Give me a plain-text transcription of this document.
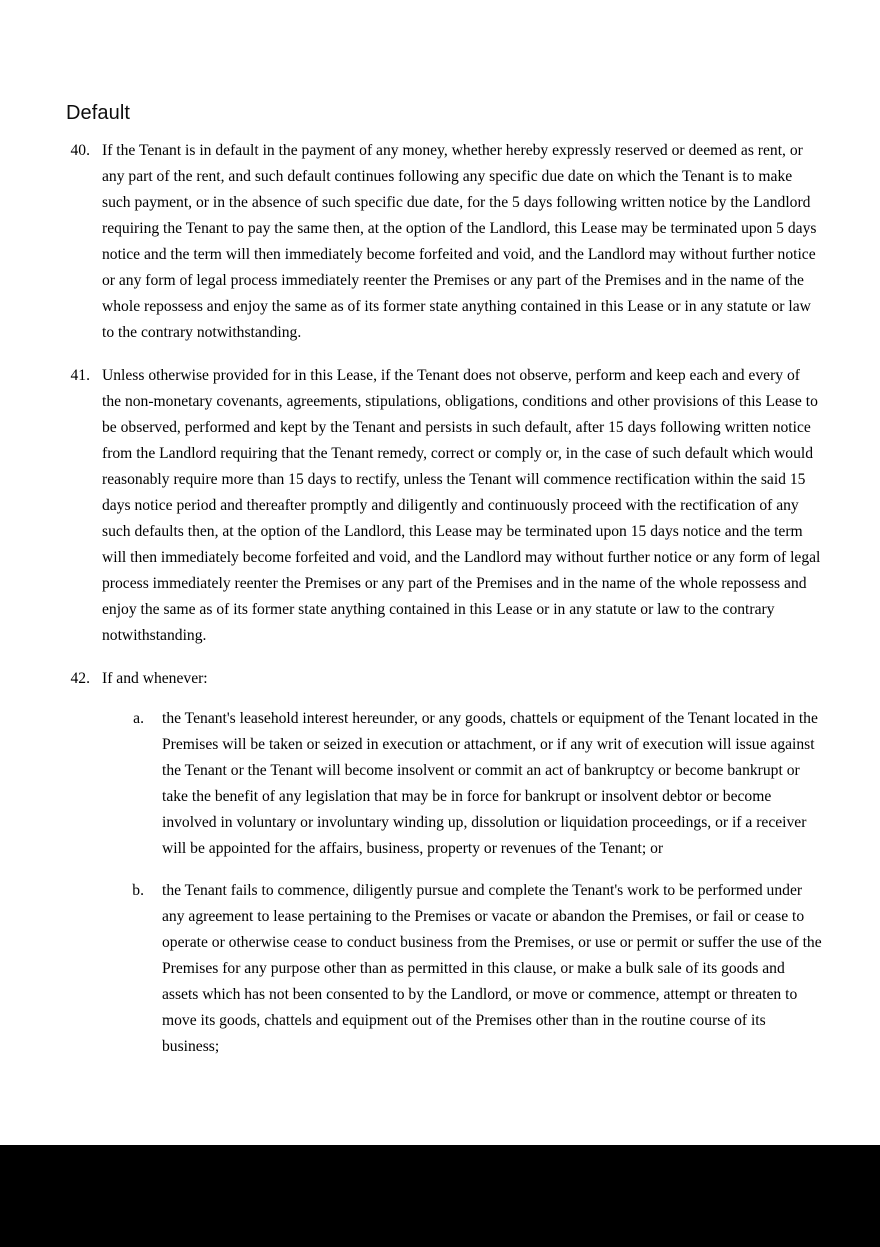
Default
40. If the Tenant is in default in the payment of any money, whether hereby expressly reserved or deemed as rent, or any part of the rent, and such default continues following any specific due date on which the Tenant is to make such payment, or in the absence of such specific due date, for the 5 days following written notice by the Landlord requiring the Tenant to pay the same then, at the option of the Landlord, this Lease may be terminated upon 5 days notice and the term will then immediately become forfeited and void, and the Landlord may without further notice or any form of legal process immediately reenter the Premises or any part of the Premises and in the name of the whole repossess and enjoy the same as of its former state anything contained in this Lease or in any statute or law to the contrary notwithstanding.
41. Unless otherwise provided for in this Lease, if the Tenant does not observe, perform and keep each and every of the non-monetary covenants, agreements, stipulations, obligations, conditions and other provisions of this Lease to be observed, performed and kept by the Tenant and persists in such default, after 15 days following written notice from the Landlord requiring that the Tenant remedy, correct or comply or, in the case of such default which would reasonably require more than 15 days to rectify, unless the Tenant will commence rectification within the said 15 days notice period and thereafter promptly and diligently and continuously proceed with the rectification of any such defaults then, at the option of the Landlord, this Lease may be terminated upon 15 days notice and the term will then immediately become forfeited and void, and the Landlord may without further notice or any form of legal process immediately reenter the Premises or any part of the Premises and in the name of the whole repossess and enjoy the same as of its former state anything contained in this Lease or in any statute or law to the contrary notwithstanding.
42. If and whenever:
a. the Tenant's leasehold interest hereunder, or any goods, chattels or equipment of the Tenant located in the Premises will be taken or seized in execution or attachment, or if any writ of execution will issue against the Tenant or the Tenant will become insolvent or commit an act of bankruptcy or become bankrupt or take the benefit of any legislation that may be in force for bankrupt or insolvent debtor or become involved in voluntary or involuntary winding up, dissolution or liquidation proceedings, or if a receiver will be appointed for the affairs, business, property or revenues of the Tenant; or
b. the Tenant fails to commence, diligently pursue and complete the Tenant's work to be performed under any agreement to lease pertaining to the Premises or vacate or abandon the Premises, or fail or cease to operate or otherwise cease to conduct business from the Premises, or use or permit or suffer the use of the Premises for any purpose other than as permitted in this clause, or make a bulk sale of its goods and assets which has not been consented to by the Landlord, or move or commence, attempt or threaten to move its goods, chattels and equipment out of the Premises other than in the routine course of its business;
